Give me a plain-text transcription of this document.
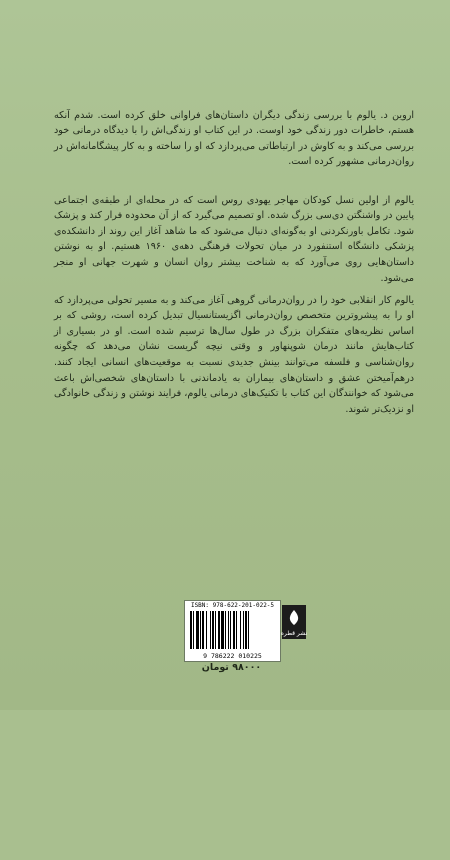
اروین د. یالوم با بررسی زندگی دیگران داستان‌های فراوانی خلق کرده است. شدم آنکه هستم، خاطرات دور زندگی خود اوست. در این کتاب او زندگی‌اش را با دیدگاه درمانی خود بررسی می‌کند و به کاوش در ارتباطاتی می‌پردازد که او را ساخته و به کار پیشگامانه‌اش در روان‌درمانی مشهور کرده است.

یالوم از اولین نسل کودکان مهاجر یهودی روس است که در محله‌ای از طبقه‌ی اجتماعی پایین در واشنگتن دی‌سی بزرگ شده. او تصمیم می‌گیرد که از آن محدوده فرار کند و پزشک شود. تکامل باورنکردنی او به‌گونه‌ای دنبال می‌شود که ما شاهد آغاز این روند از دانشکده‌ی پزشکی دانشگاه استنفورد در میان تحولات فرهنگی دهه‌ی ۱۹۶۰ هستیم. او به نوشتن داستان‌هایی روی می‌آورد که به شناخت بیشتر روان انسان و شهرت جهانی او منجر می‌شود.

یالوم کار انقلابی خود را در روان‌درمانی گروهی آغاز می‌کند و به مسیر تحولی می‌پردازد که او را به پیشروترین متخصص روان‌درمانی اگزیستانسیال تبدیل کرده است، روشی که بر اساس نظریه‌های متفکران بزرگ در طول سال‌ها ترسیم شده است. او در بسیاری از کتاب‌هایش مانند درمان شوپنهاور و وقتی نیچه گریست نشان می‌دهد که چگونه روان‌شناسی و فلسفه می‌توانند بینش جدیدی نسبت به موقعیت‌های انسانی ایجاد کنند. درهم‌آمیختن عشق و داستان‌های بیماران به یادماندنی با داستان‌های شخصی‌اش باعث می‌شود که خوانندگان این کتاب با تکنیک‌های درمانی یالوم، فرایند نوشتن و زندگی خانوادگی او نزدیک‌تر شوند.

ISBN: 978-622-201-022-5
9 786222 010225
نشر قطره
۹۸۰۰۰ تومان
